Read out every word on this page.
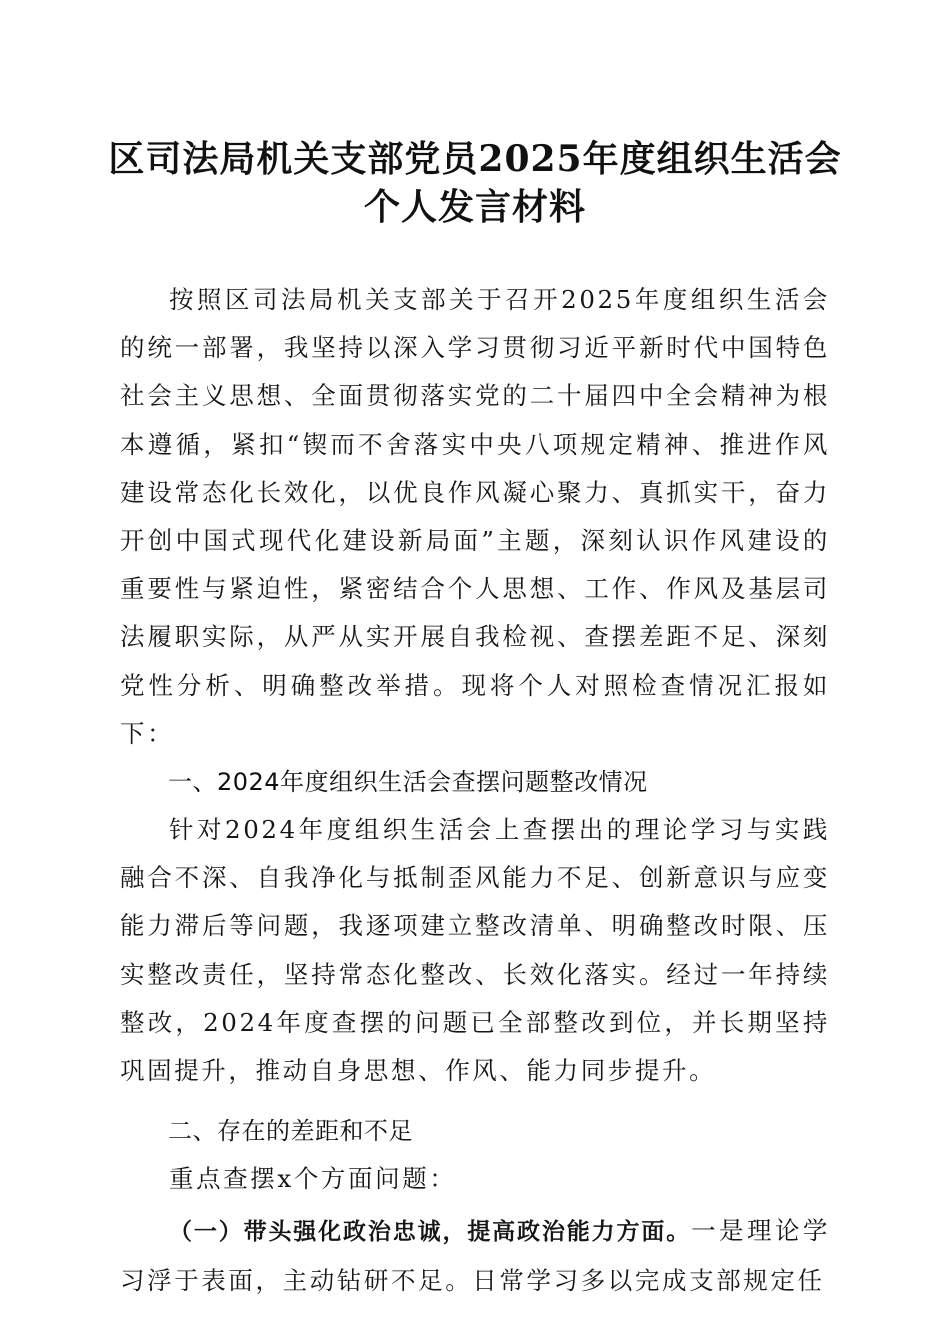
区司法局机关支部党员2025年度组织生活会
个人发言材料

按照区司法局机关支部关于召开2025年度组织生活会的统一部署，我坚持以深入学习贯彻习近平新时代中国特色社会主义思想、全面贯彻落实党的二十届四中全会精神为根本遵循，紧扣“锲而不舍落实中央八项规定精神、推进作风建设常态化长效化，以优良作风凝心聚力、真抓实干，奋力开创中国式现代化建设新局面”主题，深刻认识作风建设的重要性与紧迫性，紧密结合个人思想、工作、作风及基层司法履职实际，从严从实开展自我检视、查摆差距不足、深刻党性分析、明确整改举措。现将个人对照检查情况汇报如下：

一、2024年度组织生活会查摆问题整改情况

针对2024年度组织生活会上查摆出的理论学习与实践融合不深、自我净化与抵制歪风能力不足、创新意识与应变能力滞后等问题，我逐项建立整改清单、明确整改时限、压实整改责任，坚持常态化整改、长效化落实。经过一年持续整改，2024年度查摆的问题已全部整改到位，并长期坚持巩固提升，推动自身思想、作风、能力同步提升。

二、存在的差距和不足

重点查摆x个方面问题：

（一）带头强化政治忠诚，提高政治能力方面。一是理论学习浮于表面，主动钻研不足。日常学习多以完成支部规定任
